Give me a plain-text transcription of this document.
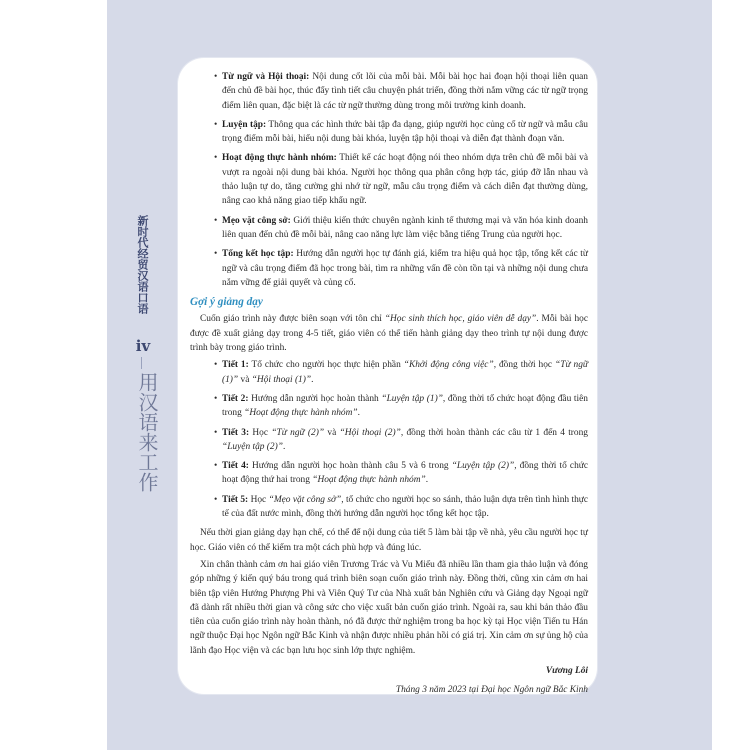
新时代经贸汉语口语
iv
用汉语来工作
• Từ ngữ và Hội thoại: Nội dung cốt lõi của mỗi bài. Mỗi bài học hai đoạn hội thoại liên quan đến chủ đề bài học, thúc đẩy tình tiết câu chuyện phát triển, đồng thời nắm vững các từ ngữ trọng điểm liên quan, đặc biệt là các từ ngữ thường dùng trong môi trường kinh doanh.
• Luyện tập: Thông qua các hình thức bài tập đa dạng, giúp người học củng cố từ ngữ và mẫu câu trọng điểm mỗi bài, hiểu nội dung bài khóa, luyện tập hội thoại và diễn đạt thành đoạn văn.
• Hoạt động thực hành nhóm: Thiết kế các hoạt động nói theo nhóm dựa trên chủ đề mỗi bài và vượt ra ngoài nội dung bài khóa. Người học thông qua phân công hợp tác, giúp đỡ lẫn nhau và thảo luận tự do, tăng cường ghi nhớ từ ngữ, mẫu câu trọng điểm và cách diễn đạt thường dùng, nâng cao khả năng giao tiếp khẩu ngữ.
• Mẹo vặt công sở: Giới thiệu kiến thức chuyên ngành kinh tế thương mại và văn hóa kinh doanh liên quan đến chủ đề mỗi bài, nâng cao năng lực làm việc bằng tiếng Trung của người học.
• Tổng kết học tập: Hướng dẫn người học tự đánh giá, kiểm tra hiệu quả học tập, tổng kết các từ ngữ và câu trọng điểm đã học trong bài, tìm ra những vấn đề còn tồn tại và những nội dung chưa nắm vững để giải quyết và củng cố.
Gợi ý giảng dạy

Cuốn giáo trình này được biên soạn với tôn chỉ “Học sinh thích học, giáo viên dễ dạy”. Mỗi bài học được đề xuất giảng dạy trong 4-5 tiết, giáo viên có thể tiến hành giảng dạy theo trình tự nội dung được trình bày trong giáo trình.

• Tiết 1: Tổ chức cho người học thực hiện phần “Khởi động công việc”, đồng thời học “Từ ngữ (1)” và “Hội thoại (1)”.
• Tiết 2: Hướng dẫn người học hoàn thành “Luyện tập (1)”, đồng thời tổ chức hoạt động đầu tiên trong “Hoạt động thực hành nhóm”.
• Tiết 3: Học “Từ ngữ (2)” và “Hội thoại (2)”, đồng thời hoàn thành các câu từ 1 đến 4 trong “Luyện tập (2)”.
• Tiết 4: Hướng dẫn người học hoàn thành câu 5 và 6 trong “Luyện tập (2)”, đồng thời tổ chức hoạt động thứ hai trong “Hoạt động thực hành nhóm”.
• Tiết 5: Học “Mẹo vặt công sở”, tổ chức cho người học so sánh, thảo luận dựa trên tình hình thực tế của đất nước mình, đồng thời hướng dẫn người học tổng kết học tập.

Nếu thời gian giảng dạy hạn chế, có thể để nội dung của tiết 5 làm bài tập về nhà, yêu cầu người học tự học. Giáo viên có thể kiểm tra một cách phù hợp và đúng lúc.

Xin chân thành cảm ơn hai giáo viên Trương Trác và Vu Miếu đã nhiều lần tham gia thảo luận và đóng góp những ý kiến quý báu trong quá trình biên soạn cuốn giáo trình này. Đồng thời, cũng xin cảm ơn hai biên tập viên Hướng Phượng Phi và Viên Quý Tư của Nhà xuất bản Nghiên cứu và Giảng dạy Ngoại ngữ đã dành rất nhiều thời gian và công sức cho việc xuất bản cuốn giáo trình. Ngoài ra, sau khi bản thảo đầu tiên của cuốn giáo trình này hoàn thành, nó đã được thử nghiệm trong ba học kỳ tại Học viện Tiến tu Hán ngữ thuộc Đại học Ngôn ngữ Bắc Kinh và nhận được nhiều phản hồi có giá trị. Xin cảm ơn sự ủng hộ của lãnh đạo Học viện và các bạn lưu học sinh lớp thực nghiệm.

Vương Lôi
Tháng 3 năm 2023 tại Đại học Ngôn ngữ Bắc Kinh
